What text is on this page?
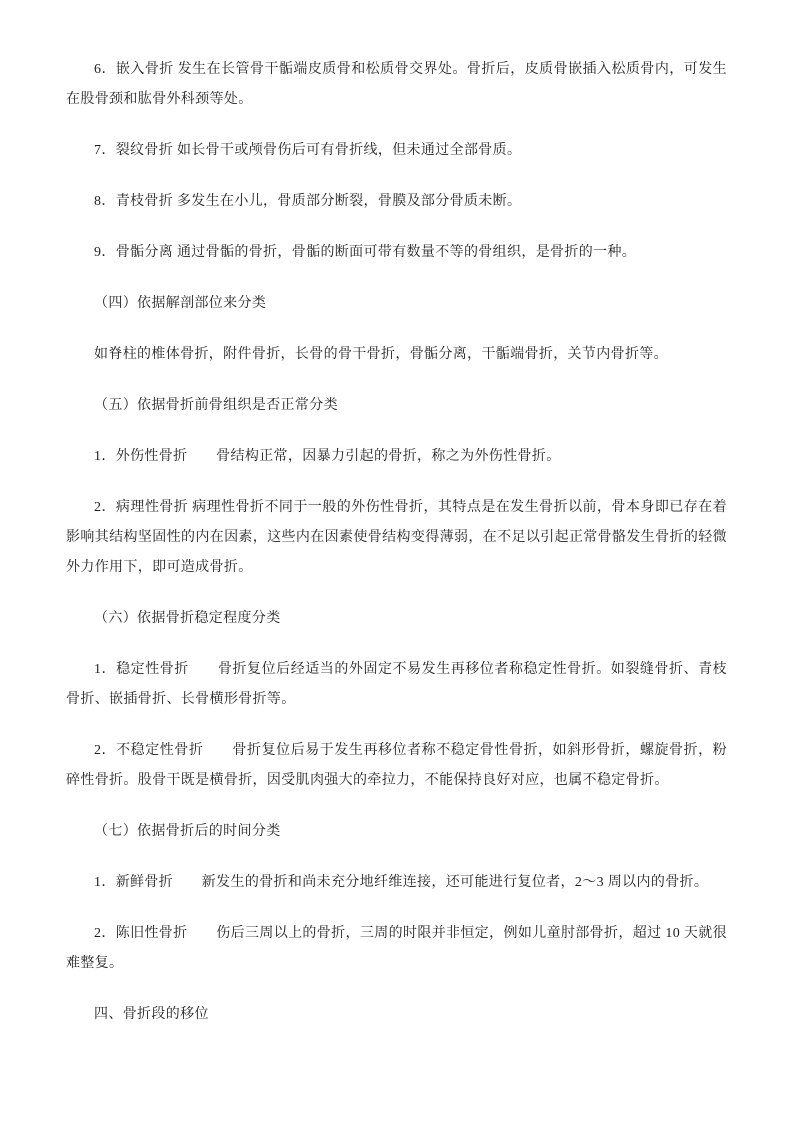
6．嵌入骨折 发生在长管骨干骺端皮质骨和松质骨交界处。骨折后，皮质骨嵌插入松质骨内，可发生在股骨颈和肱骨外科颈等处。

7．裂纹骨折 如长骨干或颅骨伤后可有骨折线，但未通过全部骨质。

8．青枝骨折 多发生在小儿，骨质部分断裂，骨膜及部分骨质未断。

9．骨骺分离 通过骨骺的骨折，骨骺的断面可带有数量不等的骨组织，是骨折的一种。

（四）依据解剖部位来分类

如脊柱的椎体骨折，附件骨折，长骨的骨干骨折，骨骺分离，干骺端骨折，关节内骨折等。

（五）依据骨折前骨组织是否正常分类

1．外伤性骨折　　骨结构正常，因暴力引起的骨折，称之为外伤性骨折。

2．病理性骨折 病理性骨折不同于一般的外伤性骨折，其特点是在发生骨折以前，骨本身即已存在着影响其结构坚固性的内在因素，这些内在因素使骨结构变得薄弱，在不足以引起正常骨骼发生骨折的轻微外力作用下，即可造成骨折。

（六）依据骨折稳定程度分类

1．稳定性骨折　　骨折复位后经适当的外固定不易发生再移位者称稳定性骨折。如裂缝骨折、青枝骨折、嵌插骨折、长骨横形骨折等。

2．不稳定性骨折　　骨折复位后易于发生再移位者称不稳定骨性骨折，如斜形骨折，螺旋骨折，粉碎性骨折。股骨干既是横骨折，因受肌肉强大的牵拉力，不能保持良好对应，也属不稳定骨折。

（七）依据骨折后的时间分类

1．新鲜骨折　　新发生的骨折和尚未充分地纤维连接，还可能进行复位者，2～3 周以内的骨折。

2．陈旧性骨折　　伤后三周以上的骨折，三周的时限并非恒定，例如儿童肘部骨折，超过 10 天就很难整复。

四、骨折段的移位
